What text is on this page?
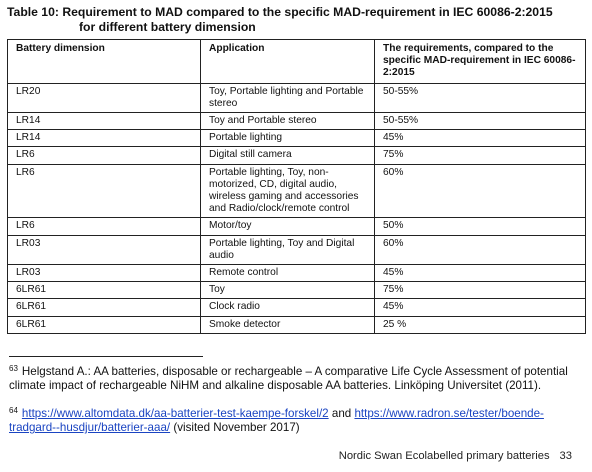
Table 10: Requirement to MAD compared to the specific MAD-requirement in IEC 60086-2:2015
for different battery dimension
Battery dimension	Application	The requirements, compared to the specific MAD-requirement in IEC 60086-2:2015
LR20	Toy, Portable lighting and Portable stereo	50-55%
LR14	Toy and Portable stereo	50-55%
LR14	Portable lighting	45%
LR6	Digital still camera	75%
LR6	Portable lighting, Toy, non-motorized, CD, digital audio, wireless gaming and accessories and Radio/clock/remote control	60%
LR6	Motor/toy	50%
LR03	Portable lighting, Toy and Digital audio	60%
LR03	Remote control	45%
6LR61	Toy	75%
6LR61	Clock radio	45%
6LR61	Smoke detector	25 %
$^{63}$ Helgstand A.: AA batteries, disposable or rechargeable – A comparative Life Cycle Assessment of potential climate impact of rechargeable NiHM and alkaline disposable AA batteries. Linköping Universitet (2011).
$^{64}$ https://www.altomdata.dk/aa-batterier-test-kaempe-forskel/2 and https://www.radron.se/tester/boende-tradgard--husdjur/batterier-aaa/ (visited November 2017)
Nordic Swan Ecolabelled primary batteries 33
